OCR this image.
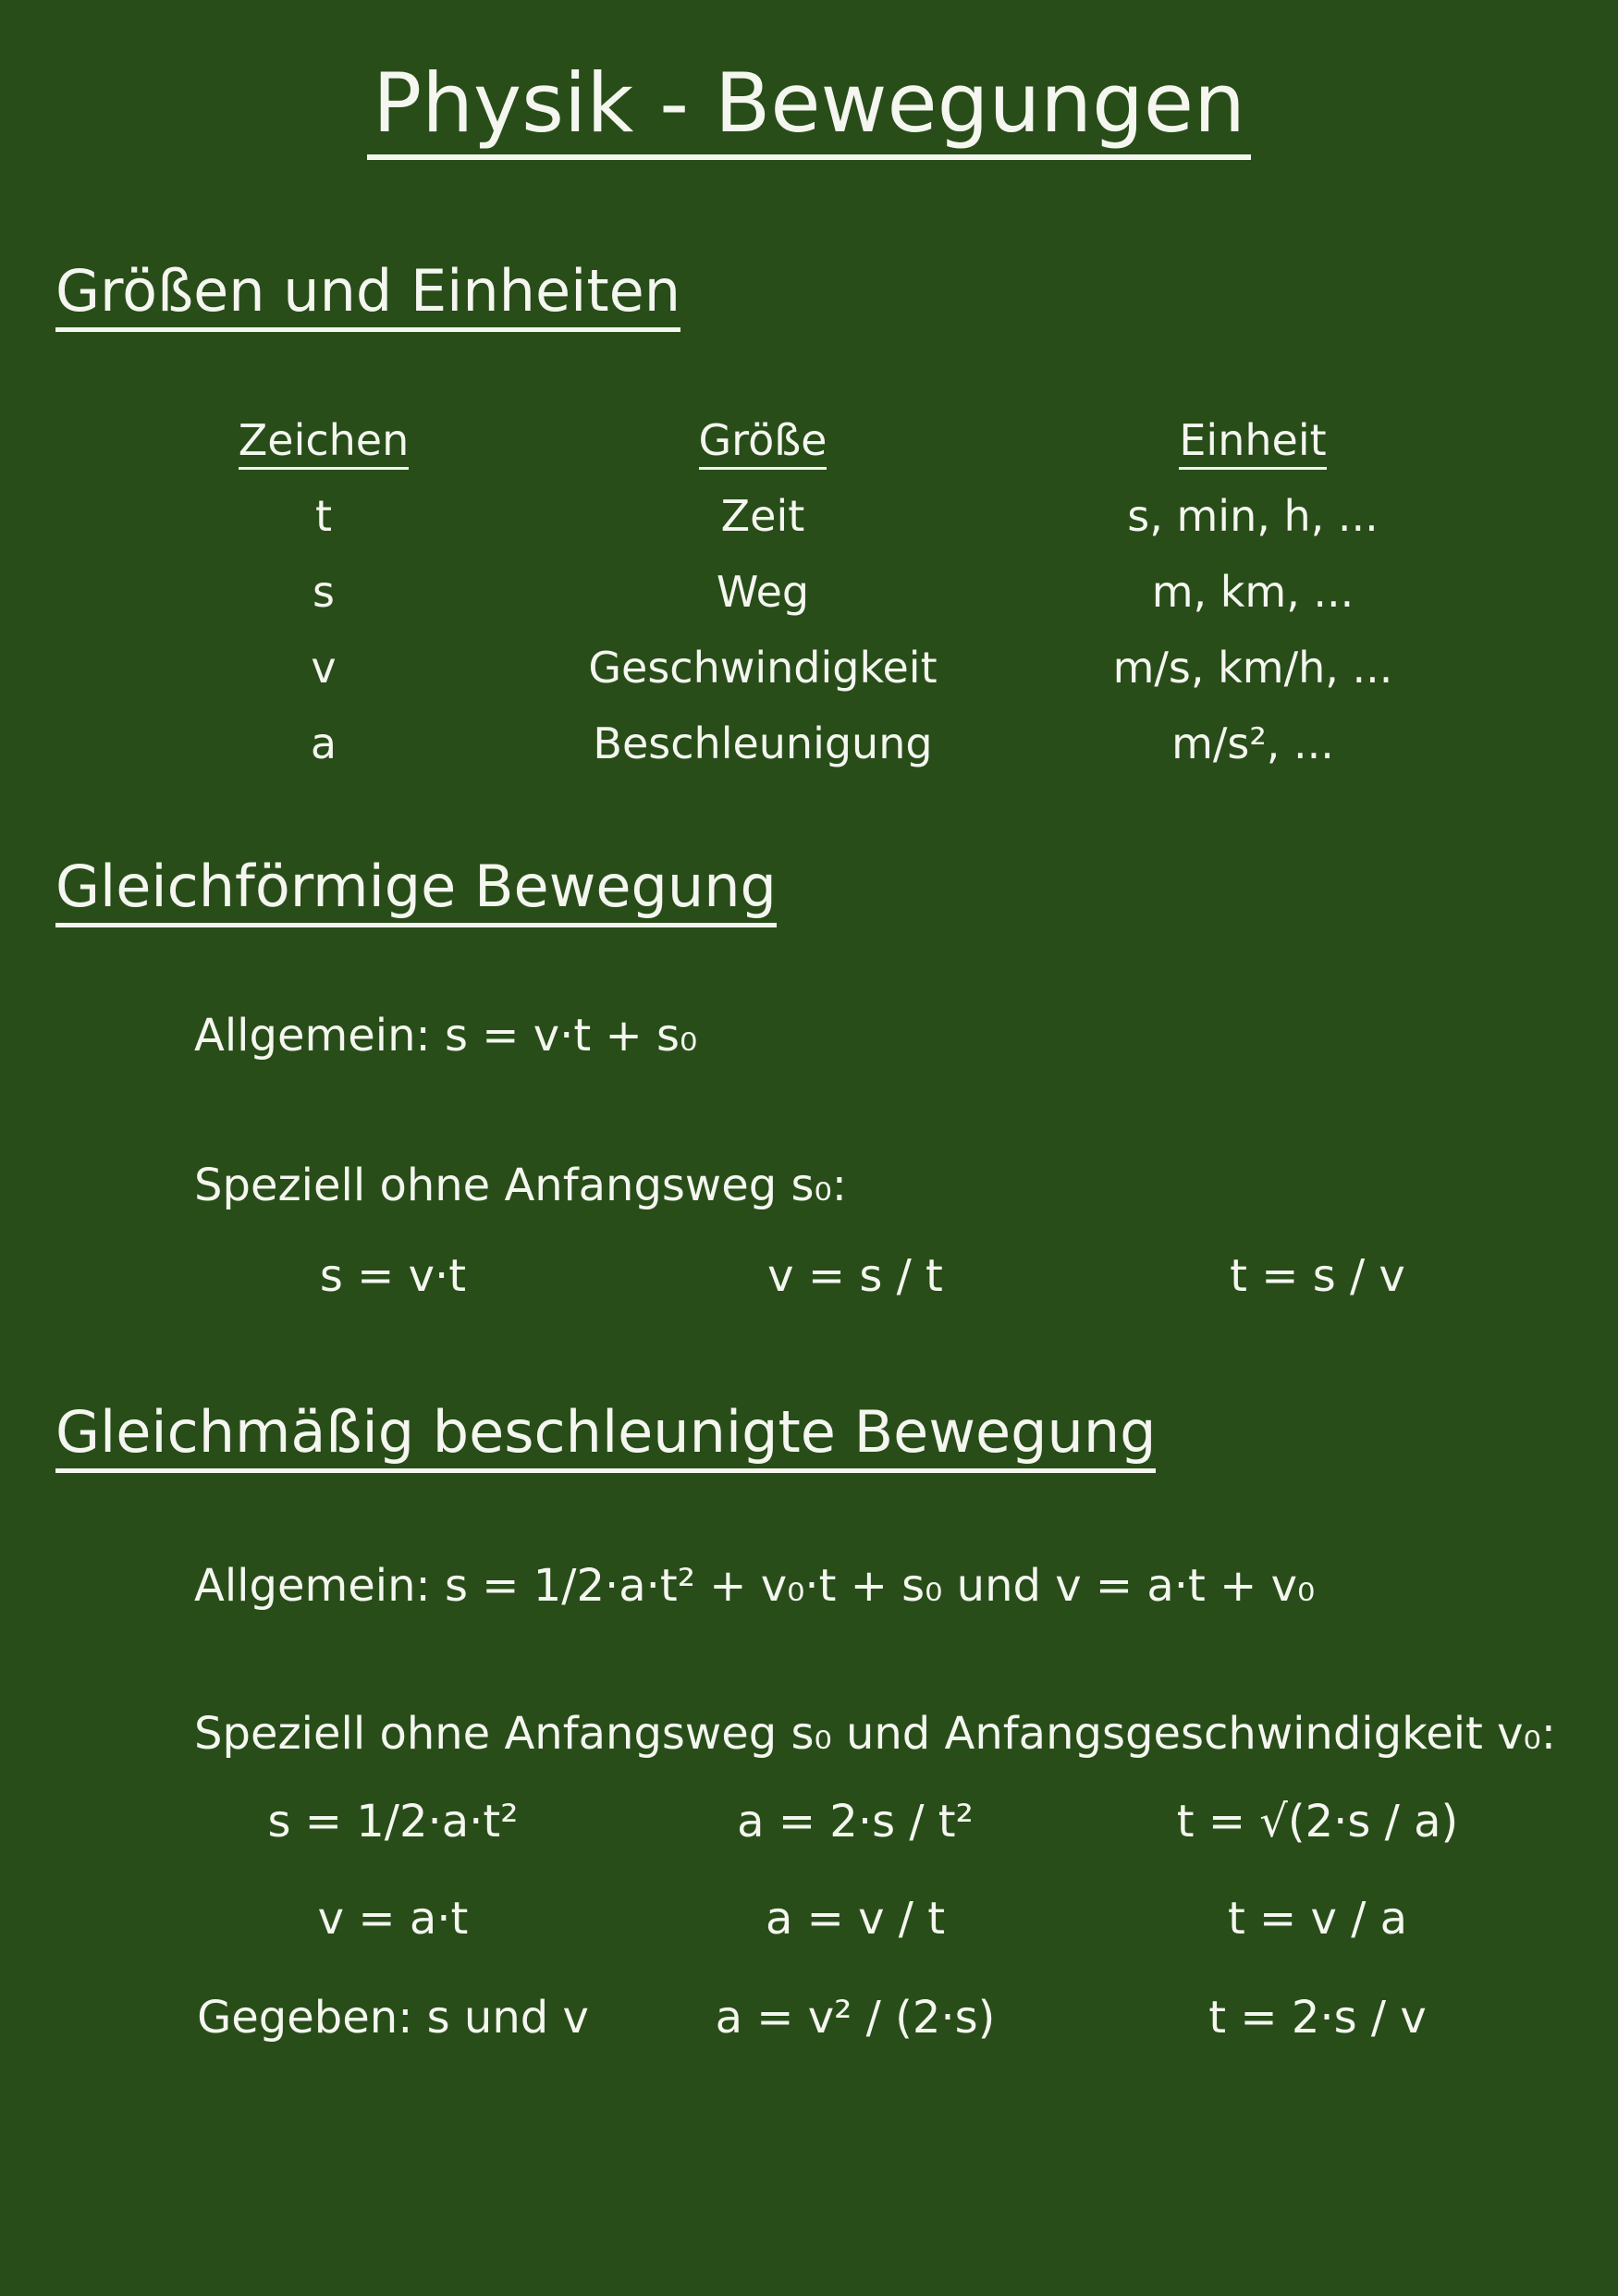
Physik - Bewegungen
Größen und Einheiten
Zeichen	Größe	Einheit
t	Zeit	s, min, h, ...
s	Weg	m, km, ...
v	Geschwindigkeit	m/s, km/h, ...
a	Beschleunigung	m/s², ...
Gleichförmige Bewegung
Allgemein: s = v·t + s₀
Speziell ohne Anfangsweg s₀:
s = v·t	v = s / t	t = s / v
Gleichmäßig beschleunigte Bewegung
Allgemein: s = 1/2·a·t² + v₀·t + s₀ und v = a·t + v₀
Speziell ohne Anfangsweg s₀ und Anfangsgeschwindigkeit v₀:
s = 1/2·a·t²	a = 2·s / t²	t = √(2·s / a)
v = a·t	a = v / t	t = v / a
Gegeben: s und v	a = v² / (2·s)	t = 2·s / v
